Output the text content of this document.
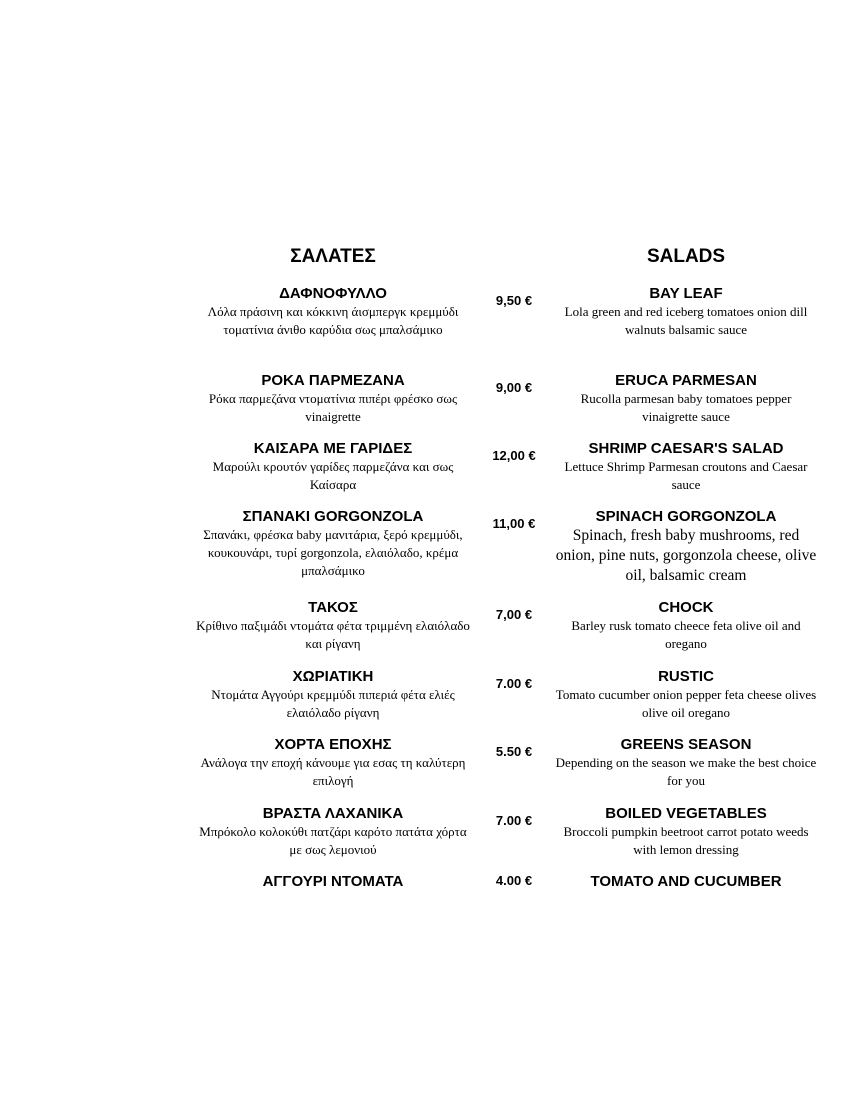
ΣΑΛΑΤΕΣ	SALADS
ΔΑΦΝΟΦΥΛΛΟ
Λόλα πράσινη και κόκκινη άισμπεργκ κρεμμύδι τοματίνια άνιθο καρύδια σως μπαλσάμικο
9,50 €	BAY LEAF
Lola green and red iceberg tomatoes onion dill walnuts balsamic sauce
ΡΟΚΑ ΠΑΡΜΕΖΑΝΑ
Ρόκα παρμεζάνα ντοματίνια πιπέρι φρέσκο σως vinaigrette
9,00 €	ERUCA PARMESAN
Rucolla parmesan baby tomatoes pepper vinaigrette sauce
ΚΑΙΣΑΡΑ ΜΕ ΓΑΡΙΔΕΣ
Μαρούλι κρουτόν γαρίδες παρμεζάνα και σως Καίσαρα
12,00 €	SHRIMP CAESAR'S SALAD
Lettuce Shrimp Parmesan croutons and Caesar sauce
ΣΠΑΝΑΚΙ GORGONZOLA
Σπανάκι, φρέσκα baby μανιτάρια, ξερό κρεμμύδι, κουκουνάρι, τυρί gorgonzola, ελαιόλαδο, κρέμα μπαλσάμικο
11,00 €	SPINACH GORGONZOLA
Spinach, fresh baby mushrooms, red onion, pine nuts, gorgonzola cheese, olive oil, balsamic cream
ΤΑΚΟΣ
Κρίθινο παξιμάδι ντομάτα φέτα τριμμένη ελαιόλαδο και ρίγανη
7,00 €	CHOCK
Barley rusk tomato cheece feta olive oil and oregano
ΧΩΡΙΑΤΙΚΗ
Ντομάτα Αγγούρι κρεμμύδι πιπεριά φέτα ελιές ελαιόλαδο ρίγανη
7.00 €	RUSTIC
Tomato cucumber onion pepper feta cheese olives olive oil oregano
ΧΟΡΤΑ ΕΠΟΧΗΣ
Ανάλογα την εποχή κάνουμε για εσας τη καλύτερη επιλογή
5.50 €	GREENS SEASON
Depending on the season we make the best choice for you
ΒΡΑΣΤΑ ΛΑΧΑΝΙΚΑ
Μπρόκολο κολοκύθι πατζάρι καρότο πατάτα χόρτα με σως λεμονιού
7.00 €	BOILED VEGETABLES
Broccoli pumpkin beetroot carrot potato weeds with lemon dressing
ΑΓΓΟΥΡΙ ΝΤΟΜΑΤΑ	4.00 €	TOMATO AND CUCUMBER
